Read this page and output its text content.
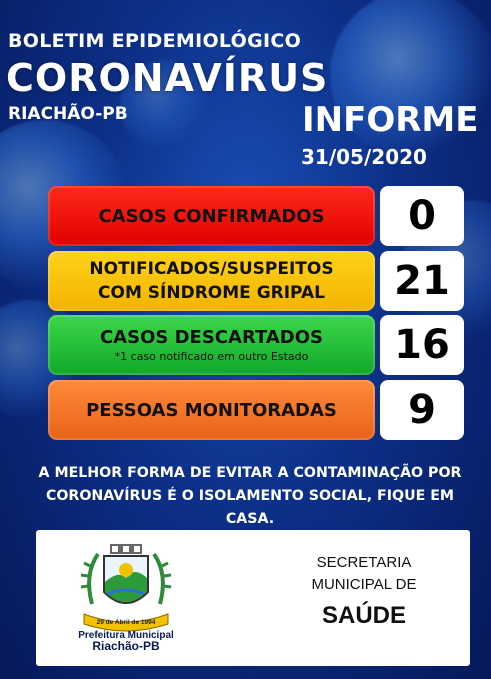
BOLETIM EPIDEMIOLÓGICO
CORONAVÍRUS
RIACHÃO-PB	INFORME
31/05/2020
CASOS CONFIRMADOS	0
NOTIFICADOS/SUSPEITOS
COM SÍNDROME GRIPAL	21
CASOS DESCARTADOS
*1 caso notificado em outro Estado	16
PESSOAS MONITORADAS	9
A MELHOR FORMA DE EVITAR A CONTAMINAÇÃO POR
CORONAVÍRUS É O ISOLAMENTO SOCIAL, FIQUE EM CASA.
29 de Abril de 1994
Prefeitura Municipal
Riachão-PB
SECRETARIA
MUNICIPAL DE
SAÚDE
